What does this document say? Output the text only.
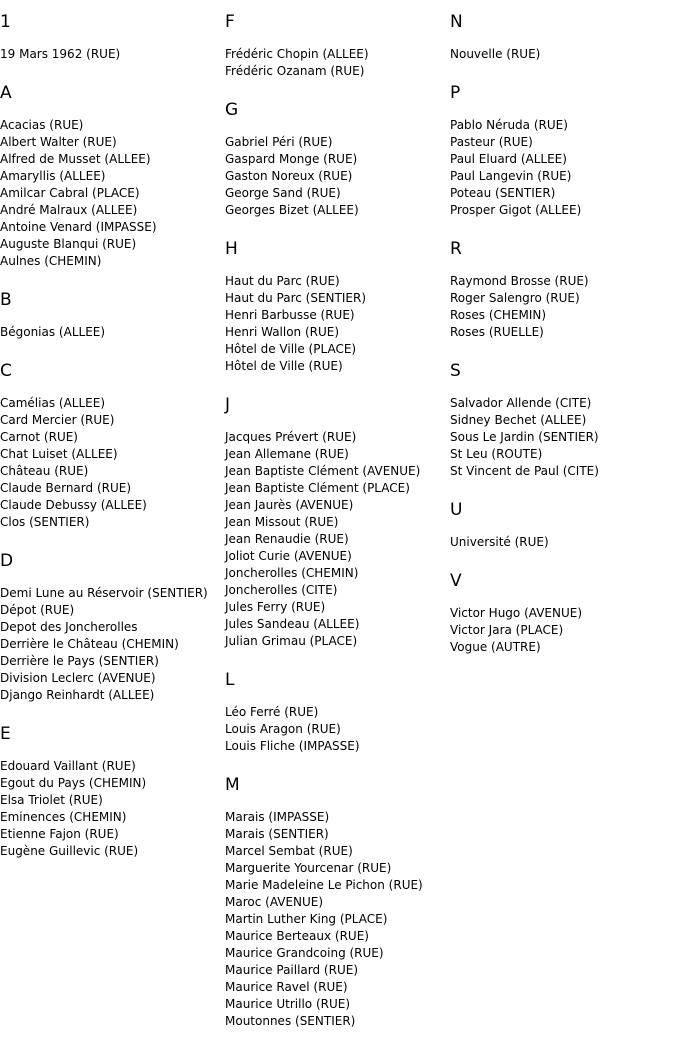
1
19 Mars 1962 (RUE)
A
Acacias (RUE)
Albert Walter (RUE)
Alfred de Musset (ALLEE)
Amaryllis (ALLEE)
Amilcar Cabral (PLACE)
André Malraux (ALLEE)
Antoine Venard (IMPASSE)
Auguste Blanqui (RUE)
Aulnes (CHEMIN)
B
Bégonias (ALLEE)
C
Camélias (ALLEE)
Card Mercier (RUE)
Carnot (RUE)
Chat Luiset (ALLEE)
Château (RUE)
Claude Bernard (RUE)
Claude Debussy (ALLEE)
Clos (SENTIER)
D
Demi Lune au Réservoir (SENTIER)
Dépot (RUE)
Depot des Joncherolles
Derrière le Château (CHEMIN)
Derrière le Pays (SENTIER)
Division Leclerc (AVENUE)
Django Reinhardt (ALLEE)
E
Edouard Vaillant (RUE)
Egout du Pays (CHEMIN)
Elsa Triolet (RUE)
Eminences (CHEMIN)
Etienne Fajon (RUE)
Eugène Guillevic (RUE)
F
Frédéric Chopin (ALLEE)
Frédéric Ozanam (RUE)
G
Gabriel Péri (RUE)
Gaspard Monge (RUE)
Gaston Noreux (RUE)
George Sand (RUE)
Georges Bizet (ALLEE)
H
Haut du Parc (RUE)
Haut du Parc (SENTIER)
Henri Barbusse (RUE)
Henri Wallon (RUE)
Hôtel de Ville (PLACE)
Hôtel de Ville (RUE)
J
Jacques Prévert (RUE)
Jean Allemane (RUE)
Jean Baptiste Clément (AVENUE)
Jean Baptiste Clément (PLACE)
Jean Jaurès (AVENUE)
Jean Missout (RUE)
Jean Renaudie (RUE)
Joliot Curie (AVENUE)
Joncherolles (CHEMIN)
Joncherolles (CITE)
Jules Ferry (RUE)
Jules Sandeau (ALLEE)
Julian Grimau (PLACE)
L
Léo Ferré (RUE)
Louis Aragon (RUE)
Louis Fliche (IMPASSE)
M
Marais (IMPASSE)
Marais (SENTIER)
Marcel Sembat (RUE)
Marguerite Yourcenar (RUE)
Marie Madeleine Le Pichon (RUE)
Maroc (AVENUE)
Martin Luther King (PLACE)
Maurice Berteaux (RUE)
Maurice Grandcoing (RUE)
Maurice Paillard (RUE)
Maurice Ravel (RUE)
Maurice Utrillo (RUE)
Moutonnes (SENTIER)
N
Nouvelle (RUE)
P
Pablo Néruda (RUE)
Pasteur (RUE)
Paul Eluard (ALLEE)
Paul Langevin (RUE)
Poteau (SENTIER)
Prosper Gigot (ALLEE)
R
Raymond Brosse (RUE)
Roger Salengro (RUE)
Roses (CHEMIN)
Roses (RUELLE)
S
Salvador Allende (CITE)
Sidney Bechet (ALLEE)
Sous Le Jardin (SENTIER)
St Leu (ROUTE)
St Vincent de Paul (CITE)
U
Université (RUE)
V
Victor Hugo (AVENUE)
Victor Jara (PLACE)
Vogue (AUTRE)
